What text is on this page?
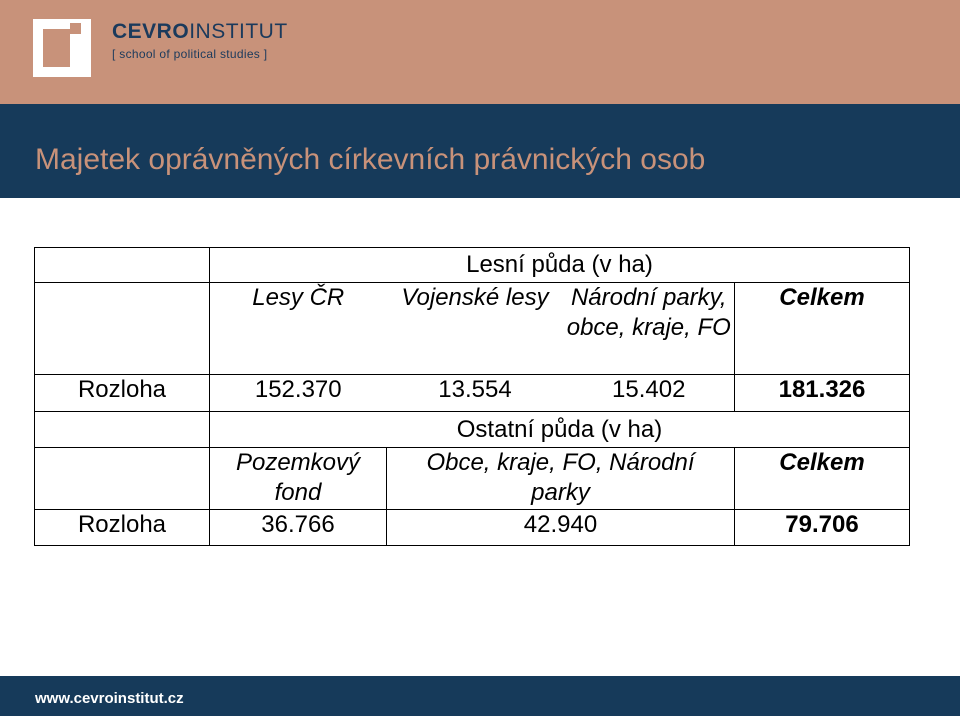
CEVROINSTITUT
[ school of political studies ]
Majetek oprávněných církevních právnických osob
	Lesní půda (v ha)			
	Lesy ČR	Vojenské lesy	Národní parky, obce, kraje, FO	Celkem
Rozloha	152.370	13.554	15.402	181.326
	Ostatní půda (v ha)			
	Pozemkový fond	Obce, kraje, FO, Národní parky		Celkem
Rozloha	36.766	42.940		79.706
www.cevroinstitut.cz
